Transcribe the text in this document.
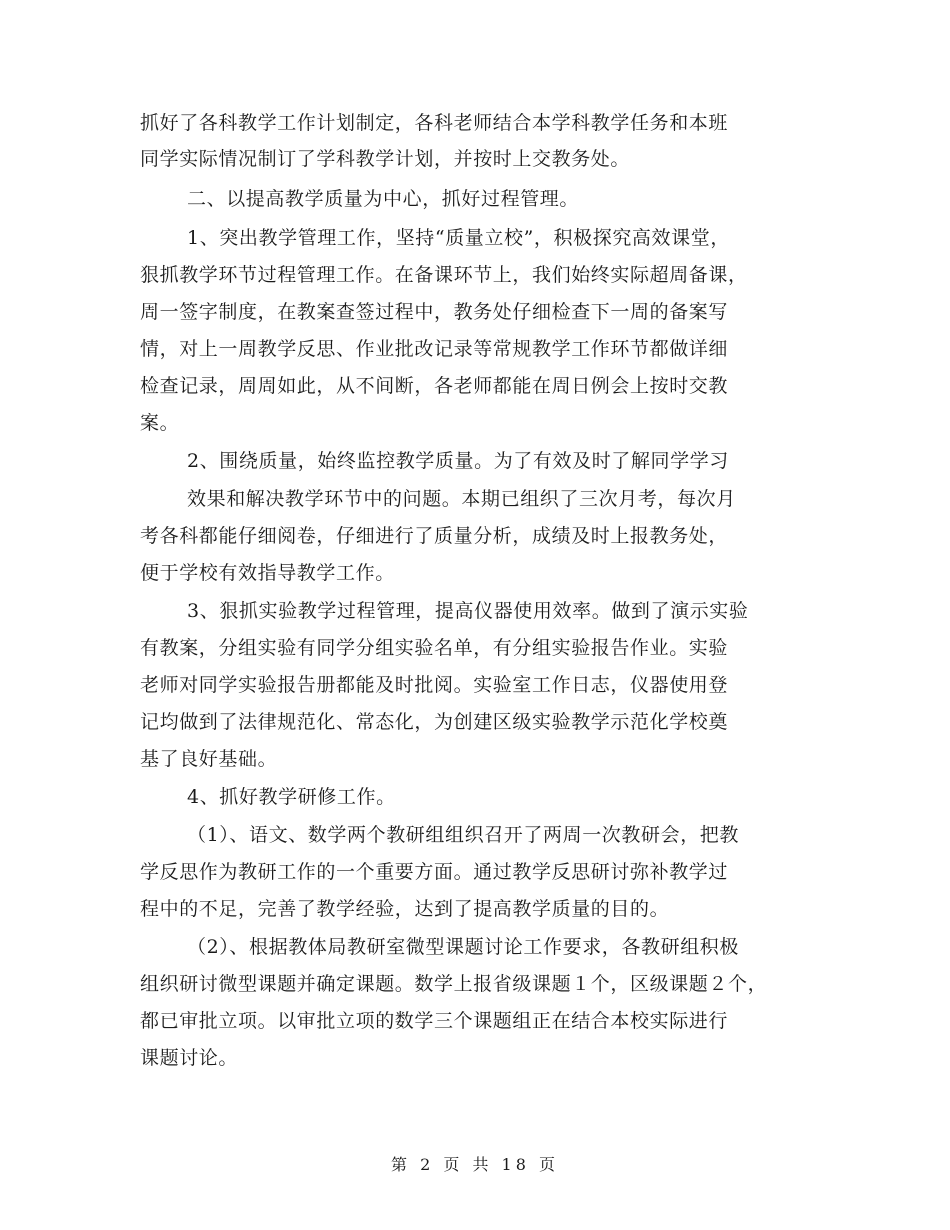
抓好了各科教学工作计划制定，各科老师结合本学科教学任务和本班
同学实际情况制订了学科教学计划，并按时上交教务处。
二、以提高教学质量为中心，抓好过程管理。
1、突出教学管理工作，坚持“质量立校”，积极探究高效课堂，
狠抓教学环节过程管理工作。在备课环节上，我们始终实际超周备课，
周一签字制度，在教案查签过程中，教务处仔细检查下一周的备案写
情，对上一周教学反思、作业批改记录等常规教学工作环节都做详细
检查记录，周周如此，从不间断，各老师都能在周日例会上按时交教
案。
2、围绕质量，始终监控教学质量。为了有效及时了解同学学习
效果和解决教学环节中的问题。本期已组织了三次月考，每次月
考各科都能仔细阅卷，仔细进行了质量分析，成绩及时上报教务处，
便于学校有效指导教学工作。
3、狠抓实验教学过程管理，提高仪器使用效率。做到了演示实验
有教案，分组实验有同学分组实验名单，有分组实验报告作业。实验
老师对同学实验报告册都能及时批阅。实验室工作日志，仪器使用登
记均做到了法律规范化、常态化，为创建区级实验教学示范化学校奠
基了良好基础。
4、抓好教学研修工作。
（1）、语文、数学两个教研组组织召开了两周一次教研会，把教
学反思作为教研工作的一个重要方面。通过教学反思研讨弥补教学过
程中的不足，完善了教学经验，达到了提高教学质量的目的。
（2）、根据教体局教研室微型课题讨论工作要求，各教研组积极
组织研讨微型课题并确定课题。数学上报省级课题１个，区级课题２个，
都已审批立项。以审批立项的数学三个课题组正在结合本校实际进行
课题讨论。
第 2 页 共 18 页
